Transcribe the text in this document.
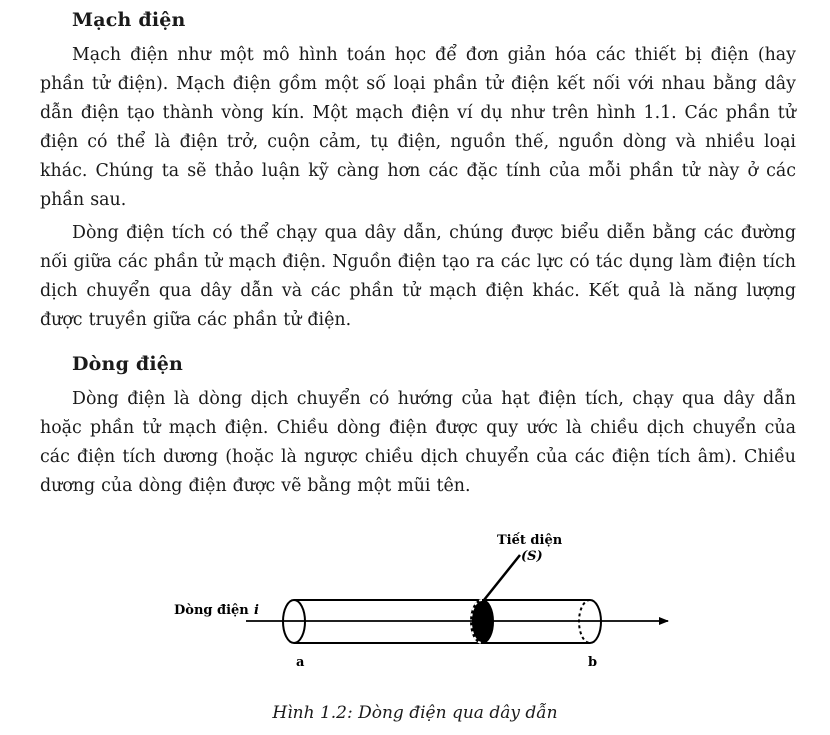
Mạch điện

Mạch điện như một mô hình toán học để đơn giản hóa các thiết bị điện (hay phần tử điện). Mạch điện gồm một số loại phần tử điện kết nối với nhau bằng dây dẫn điện tạo thành vòng kín. Một mạch điện ví dụ như trên hình 1.1. Các phần tử điện có thể là điện trở, cuộn cảm, tụ điện, nguồn thế, nguồn dòng và nhiều loại khác. Chúng ta sẽ thảo luận kỹ càng hơn các đặc tính của mỗi phần tử này ở các phần sau.

Dòng điện tích có thể chạy qua dây dẫn, chúng được biểu diễn bằng các đường nối giữa các phần tử mạch điện. Nguồn điện tạo ra các lực có tác dụng làm điện tích dịch chuyển qua dây dẫn và các phần tử mạch điện khác. Kết quả là năng lượng được truyền giữa các phần tử điện.

Dòng điện

Dòng điện là dòng dịch chuyển có hướng của hạt điện tích, chạy qua dây dẫn hoặc phần tử mạch điện. Chiều dòng điện được quy ước là chiều dịch chuyển của các điện tích dương (hoặc là ngược chiều dịch chuyển của các điện tích âm). Chiều dương của dòng điện được vẽ bằng một mũi tên.

Tiết diện
(S)
Dòng điện i
a	b

Hình 1.2: Dòng điện qua dây dẫn
